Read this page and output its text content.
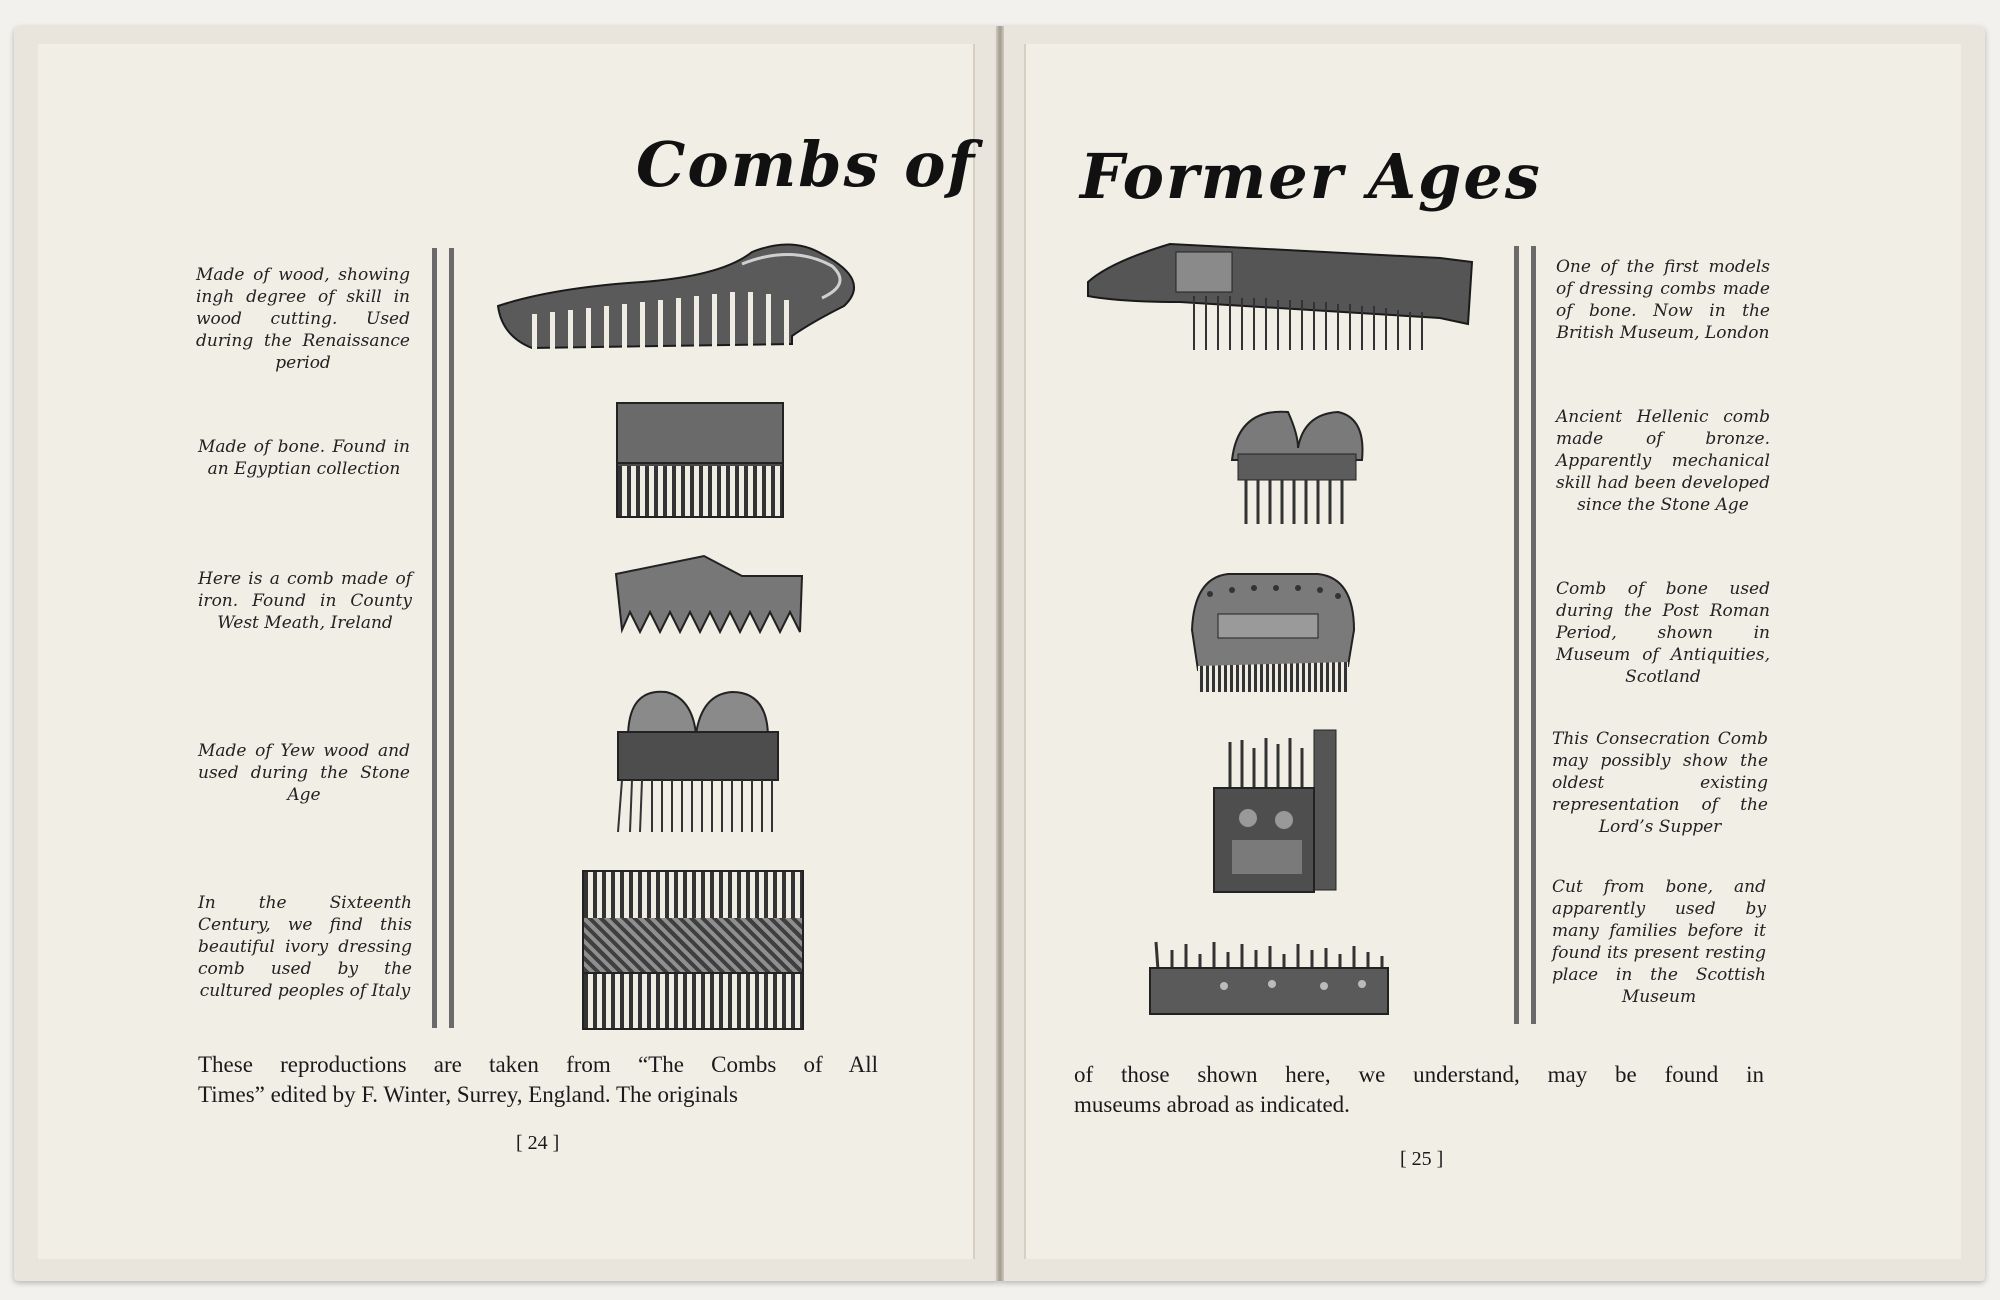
Combs of Former Ages
Made of wood, showing ingh degree of skill in wood cutting. Used during the Renaissance period
Made of bone. Found in an Egyptian collection
Here is a comb made of iron. Found in County West Meath, Ireland
Made of Yew wood and used during the Stone Age
In the Sixteenth Century, we find this beautiful ivory dressing comb used by the cultured peoples of Italy
One of the first models of dressing combs made of bone. Now in the British Museum, London
Ancient Hellenic comb made of bronze. Apparently mechanical skill had been developed since the Stone Age
Comb of bone used during the Post Roman Period, shown in Museum of Antiquities, Scotland
This Consecration Comb may possibly show the oldest existing representation of the Lord’s Supper
Cut from bone, and apparently used by many families before it found its present resting place in the Scottish Museum
These reproductions are taken from “The Combs of All
Times” edited by F. Winter, Surrey, England. The originals
of those shown here, we understand, may be found in
museums abroad as indicated.
[ 24 ]
[ 25 ]
